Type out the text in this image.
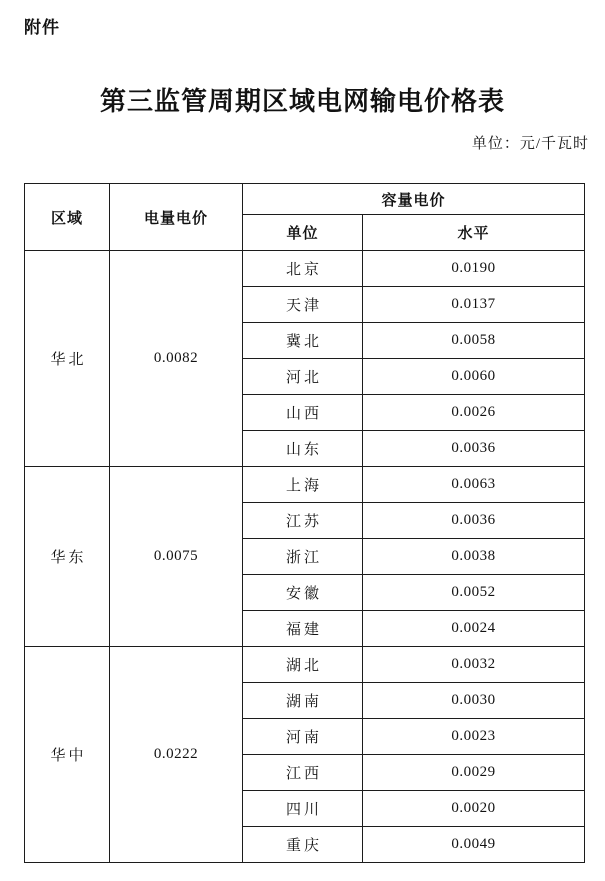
附件
第三监管周期区域电网输电价格表
单位：元/千瓦时
区域	电量电价	容量电价	
		单位	水平
华北	0.0082	北京	0.0190
		天津	0.0137
		冀北	0.0058
		河北	0.0060
		山西	0.0026
		山东	0.0036
华东	0.0075	上海	0.0063
		江苏	0.0036
		浙江	0.0038
		安徽	0.0052
		福建	0.0024
华中	0.0222	湖北	0.0032
		湖南	0.0030
		河南	0.0023
		江西	0.0029
		四川	0.0020
		重庆	0.0049
